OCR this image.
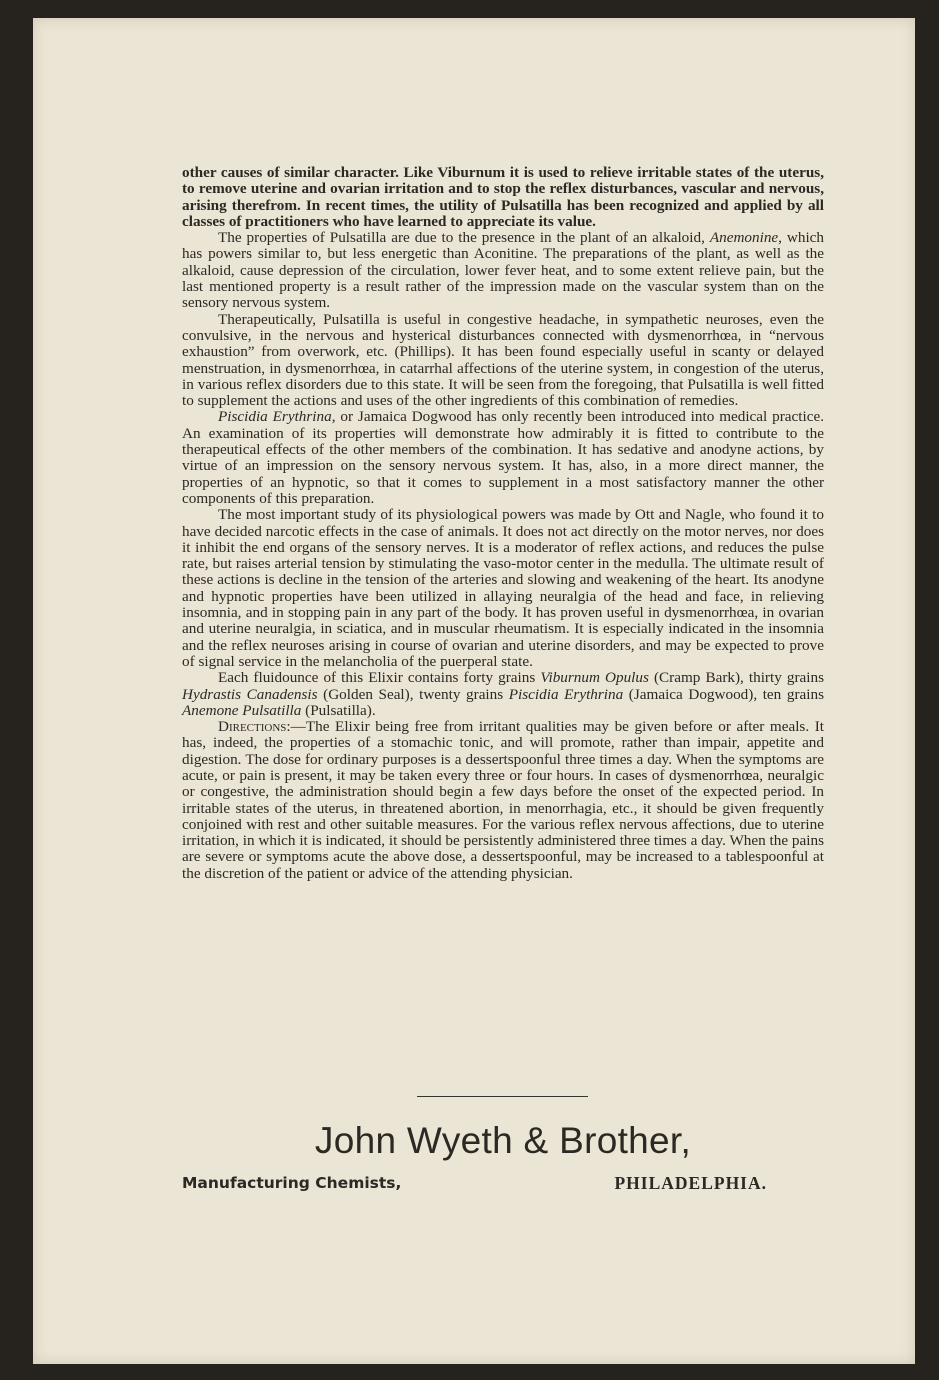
other causes of similar character. Like Viburnum it is used to relieve irritable states of the uterus, to remove uterine and ovarian irritation and to stop the reflex disturbances, vascular and nervous, arising therefrom. In recent times, the utility of Pulsatilla has been recognized and applied by all classes of practitioners who have learned to appreciate its value.

The properties of Pulsatilla are due to the presence in the plant of an alkaloid, Anemonine, which has powers similar to, but less energetic than Aconitine. The preparations of the plant, as well as the alkaloid, cause depression of the circulation, lower fever heat, and to some extent relieve pain, but the last mentioned property is a result rather of the impression made on the vascular system than on the sensory nervous system.

Therapeutically, Pulsatilla is useful in congestive headache, in sympathetic neuroses, even the convulsive, in the nervous and hysterical disturbances connected with dysmenorrhœa, in “nervous exhaustion” from overwork, etc. (Phillips). It has been found especially useful in scanty or delayed menstruation, in dysmenorrhœa, in catarrhal affections of the uterine system, in congestion of the uterus, in various reflex disorders due to this state. It will be seen from the foregoing, that Pulsatilla is well fitted to supplement the actions and uses of the other ingredients of this combination of remedies.

Piscidia Erythrina, or Jamaica Dogwood has only recently been introduced into medical practice. An examination of its properties will demonstrate how admirably it is fitted to contribute to the therapeutical effects of the other members of the combination. It has sedative and anodyne actions, by virtue of an impression on the sensory nervous system. It has, also, in a more direct manner, the properties of an hypnotic, so that it comes to supplement in a most satisfactory manner the other components of this preparation.

The most important study of its physiological powers was made by Ott and Nagle, who found it to have decided narcotic effects in the case of animals. It does not act directly on the motor nerves, nor does it inhibit the end organs of the sensory nerves. It is a moderator of reflex actions, and reduces the pulse rate, but raises arterial tension by stimulating the vaso-motor center in the medulla. The ultimate result of these actions is decline in the tension of the arteries and slowing and weakening of the heart. Its anodyne and hypnotic properties have been utilized in allaying neuralgia of the head and face, in relieving insomnia, and in stopping pain in any part of the body. It has proven useful in dysmenorrhœa, in ovarian and uterine neuralgia, in sciatica, and in muscular rheumatism. It is especially indicated in the insomnia and the reflex neuroses arising in course of ovarian and uterine disorders, and may be expected to prove of signal service in the melancholia of the puerperal state.

Each fluidounce of this Elixir contains forty grains Viburnum Opulus (Cramp Bark), thirty grains Hydrastis Canadensis (Golden Seal), twenty grains Piscidia Erythrina (Jamaica Dogwood), ten grains Anemone Pulsatilla (Pulsatilla).

Directions:—The Elixir being free from irritant qualities may be given before or after meals. It has, indeed, the properties of a stomachic tonic, and will promote, rather than impair, appetite and digestion. The dose for ordinary purposes is a dessertspoonful three times a day. When the symptoms are acute, or pain is present, it may be taken every three or four hours. In cases of dysmenorrhœa, neuralgic or congestive, the administration should begin a few days before the onset of the expected period. In irritable states of the uterus, in threatened abortion, in menorrhagia, etc., it should be given frequently conjoined with rest and other suitable measures. For the various reflex nervous affections, due to uterine irritation, in which it is indicated, it should be persistently administered three times a day. When the pains are severe or symptoms acute the above dose, a dessertspoonful, may be increased to a tablespoonful at the discretion of the patient or advice of the attending physician.

John Wyeth & Brother,
Manufacturing Chemists,	PHILADELPHIA.
